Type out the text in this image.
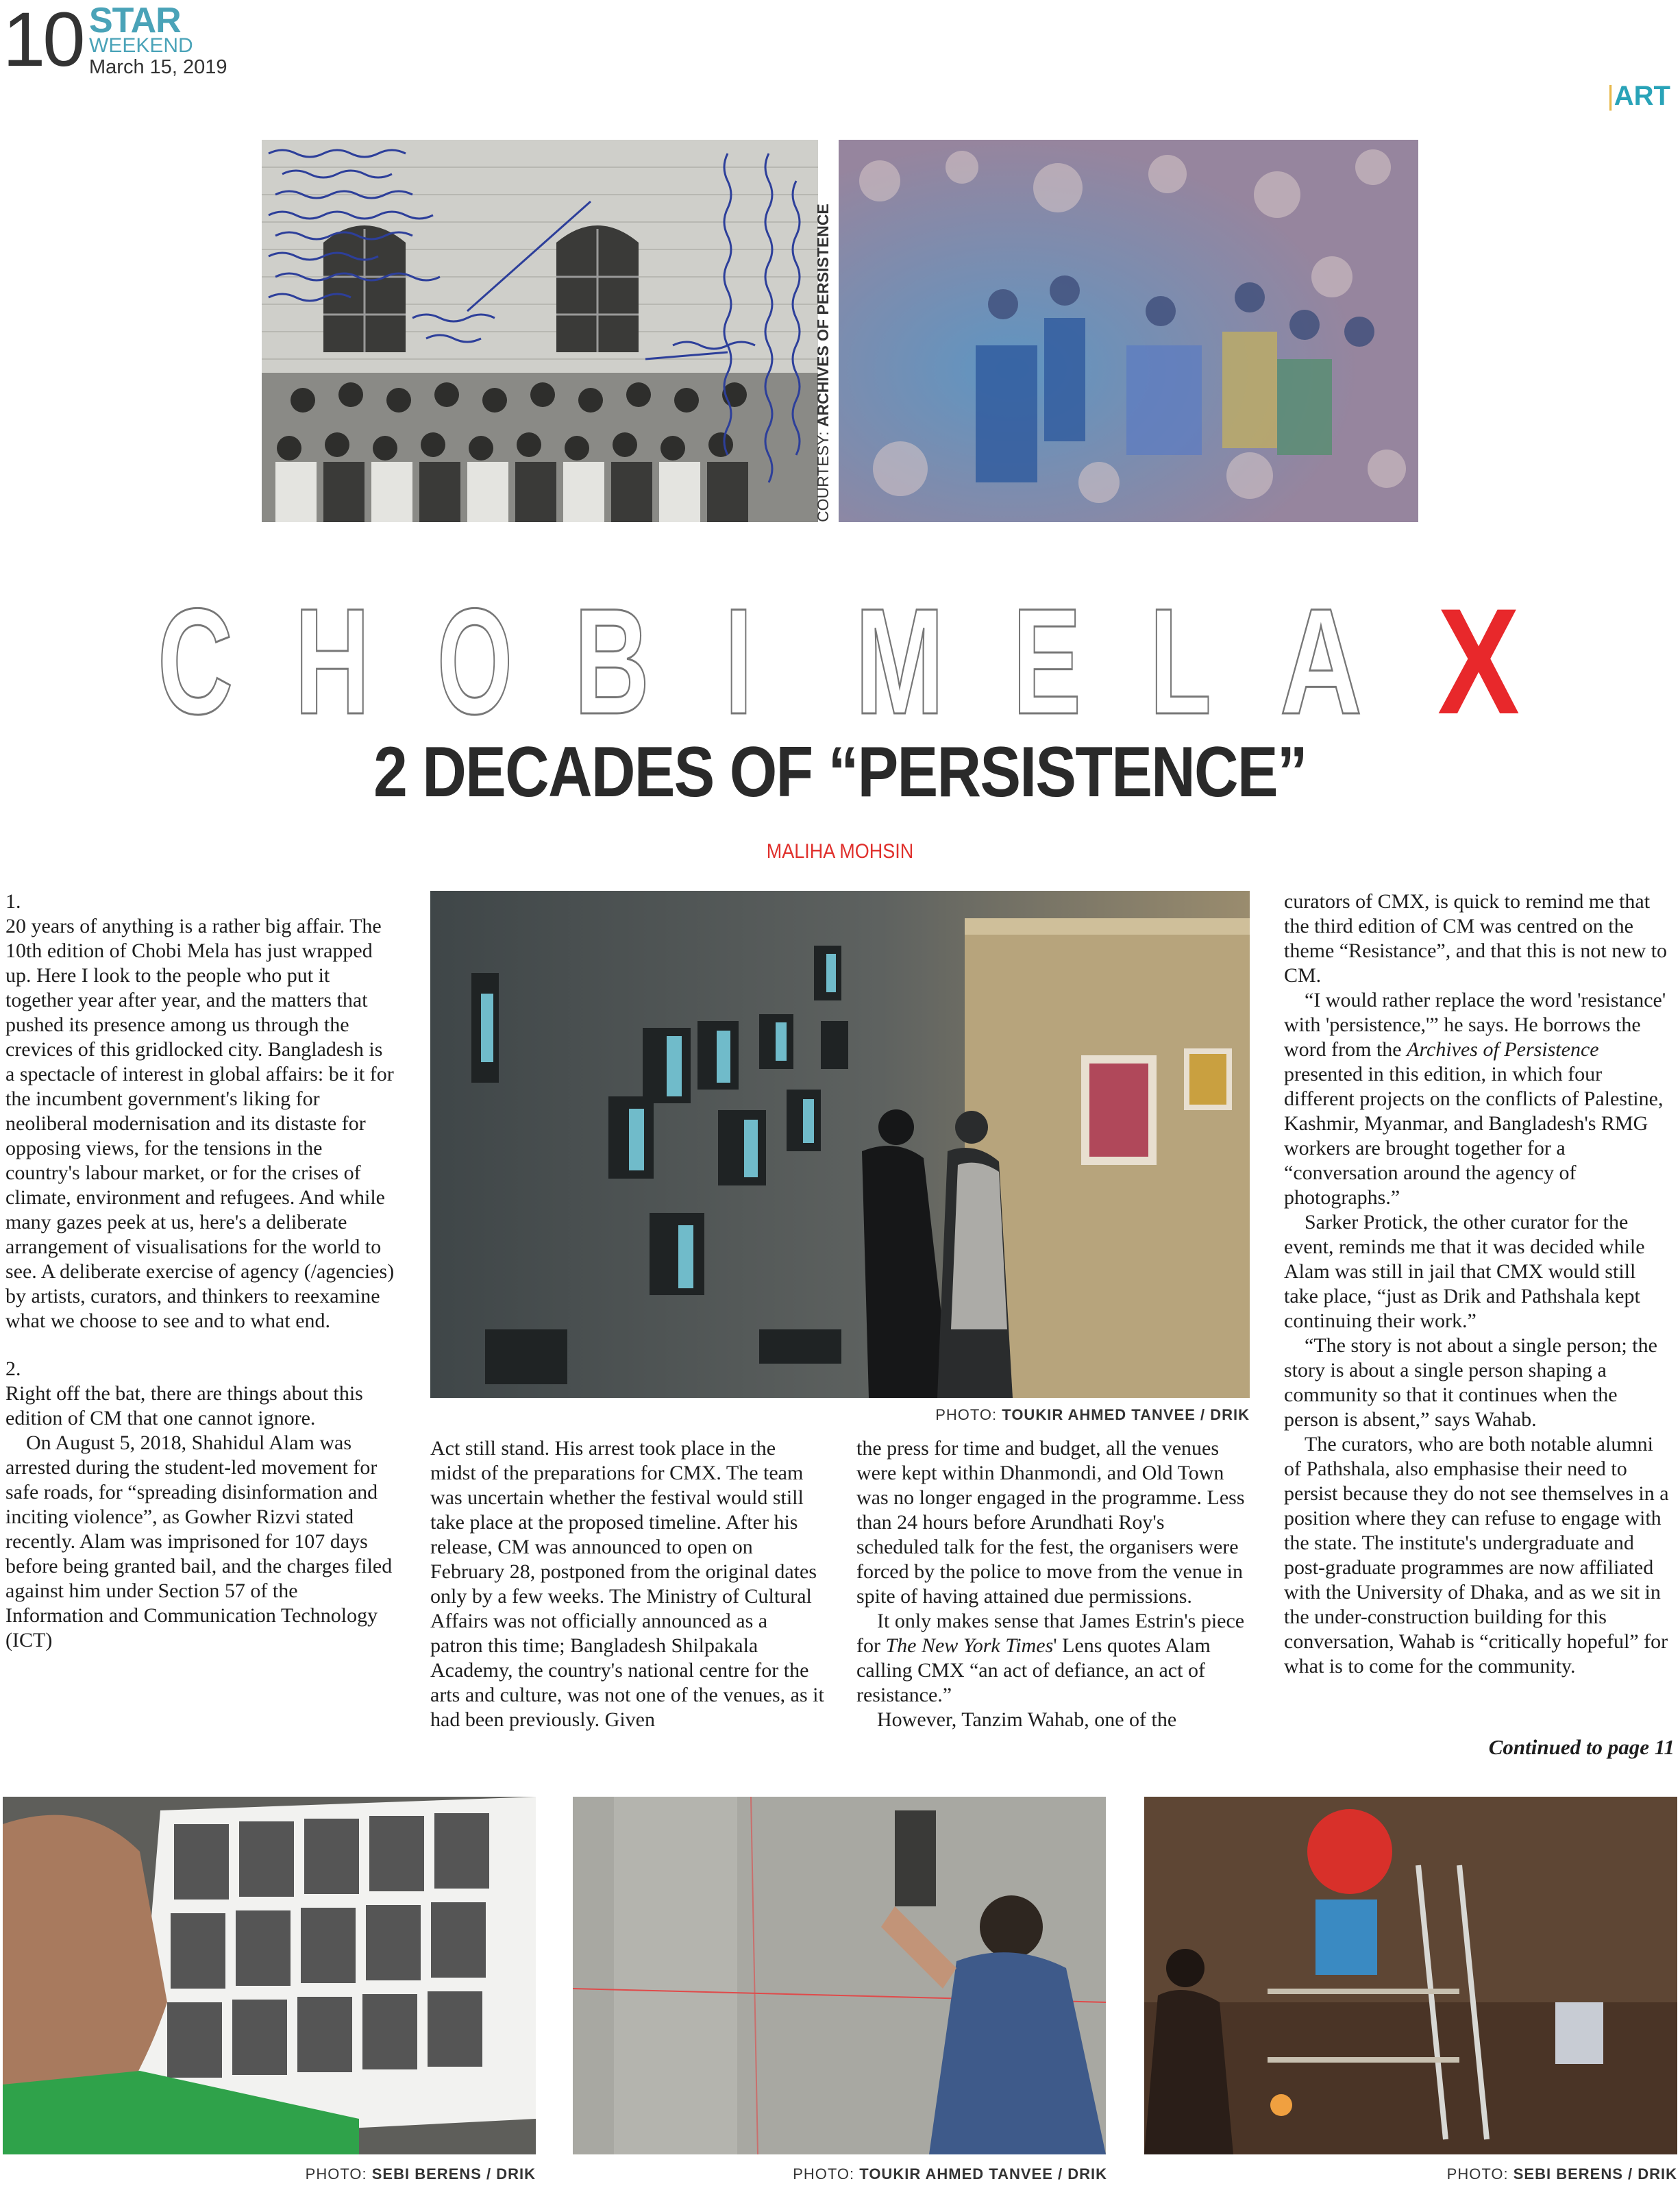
10 STAR
WEEKEND
March 15, 2019
|ART
COURTESY: ARCHIVES OF PERSISTENCE
C H O B I M E L A X
2 DECADES OF “PERSISTENCE”
MALIHA MOHSIN

1.

20 years of anything is a rather big affair. The 10th edition of Chobi Mela has just wrapped up. Here I look to the people who put it together year after year, and the matters that pushed its presence among us through the crevices of this gridlocked city. Bangladesh is a spectacle of interest in global affairs: be it for the incumbent government's liking for neoliberal modernisation and its distaste for opposing views, for the tensions in the country's labour market, or for the crises of climate, environment and refugees. And while many gazes peek at us, here's a deliberate arrangement of visualisations for the world to see. A deliberate exercise of agency (/agencies) by artists, curators, and thinkers to reexamine what we choose to see and to what end.

2.

Right off the bat, there are things about this edition of CM that one cannot ignore.

On August 5, 2018, Shahidul Alam was arrested during the student-led movement for safe roads, for “spreading disinformation and inciting violence”, as Gowher Rizvi stated recently. Alam was imprisoned for 107 days before being granted bail, and the charges filed against him under Section 57 of the Information and Communication Technology (ICT)

PHOTO: TOUKIR AHMED TANVEE / DRIK

Act still stand. His arrest took place in the midst of the preparations for CMX. The team was uncertain whether the festival would still take place at the proposed timeline. After his release, CM was announced to open on February 28, postponed from the original dates only by a few weeks. The Ministry of Cultural Affairs was not officially announced as a patron this time; Bangladesh Shilpakala Academy, the country's national centre for the arts and culture, was not one of the venues, as it had been previously. Given

the press for time and budget, all the venues were kept within Dhanmondi, and Old Town was no longer engaged in the programme. Less than 24 hours before Arundhati Roy's scheduled talk for the fest, the organisers were forced by the police to move from the venue in spite of having attained due permissions.

It only makes sense that James Estrin's piece for The New York Times' Lens quotes Alam calling CMX “an act of defiance, an act of resistance.”

However, Tanzim Wahab, one of the

curators of CMX, is quick to remind me that the third edition of CM was centred on the theme “Resistance”, and that this is not new to CM.

“I would rather replace the word 'resistance' with 'persistence,'” he says. He borrows the word from the Archives of Persistence presented in this edition, in which four different projects on the conflicts of Palestine, Kashmir, Myanmar, and Bangladesh's RMG workers are brought together for a “conversation around the agency of photographs.”

Sarker Protick, the other curator for the event, reminds me that it was decided while Alam was still in jail that CMX would still take place, “just as Drik and Pathshala kept continuing their work.”

“The story is not about a single person; the story is about a single person shaping a community so that it continues when the person is absent,” says Wahab.

The curators, who are both notable alumni of Pathshala, also emphasise their need to persist because they do not see themselves in a position where they can refuse to engage with the state. The institute's undergraduate and post-graduate programmes are now affiliated with the University of Dhaka, and as we sit in the under-construction building for this conversation, Wahab is “critically hopeful” for what is to come for the community.

Continued to page 11
PHOTO: SEBI BERENS / DRIK	PHOTO: TOUKIR AHMED TANVEE / DRIK	PHOTO: SEBI BERENS / DRIK
